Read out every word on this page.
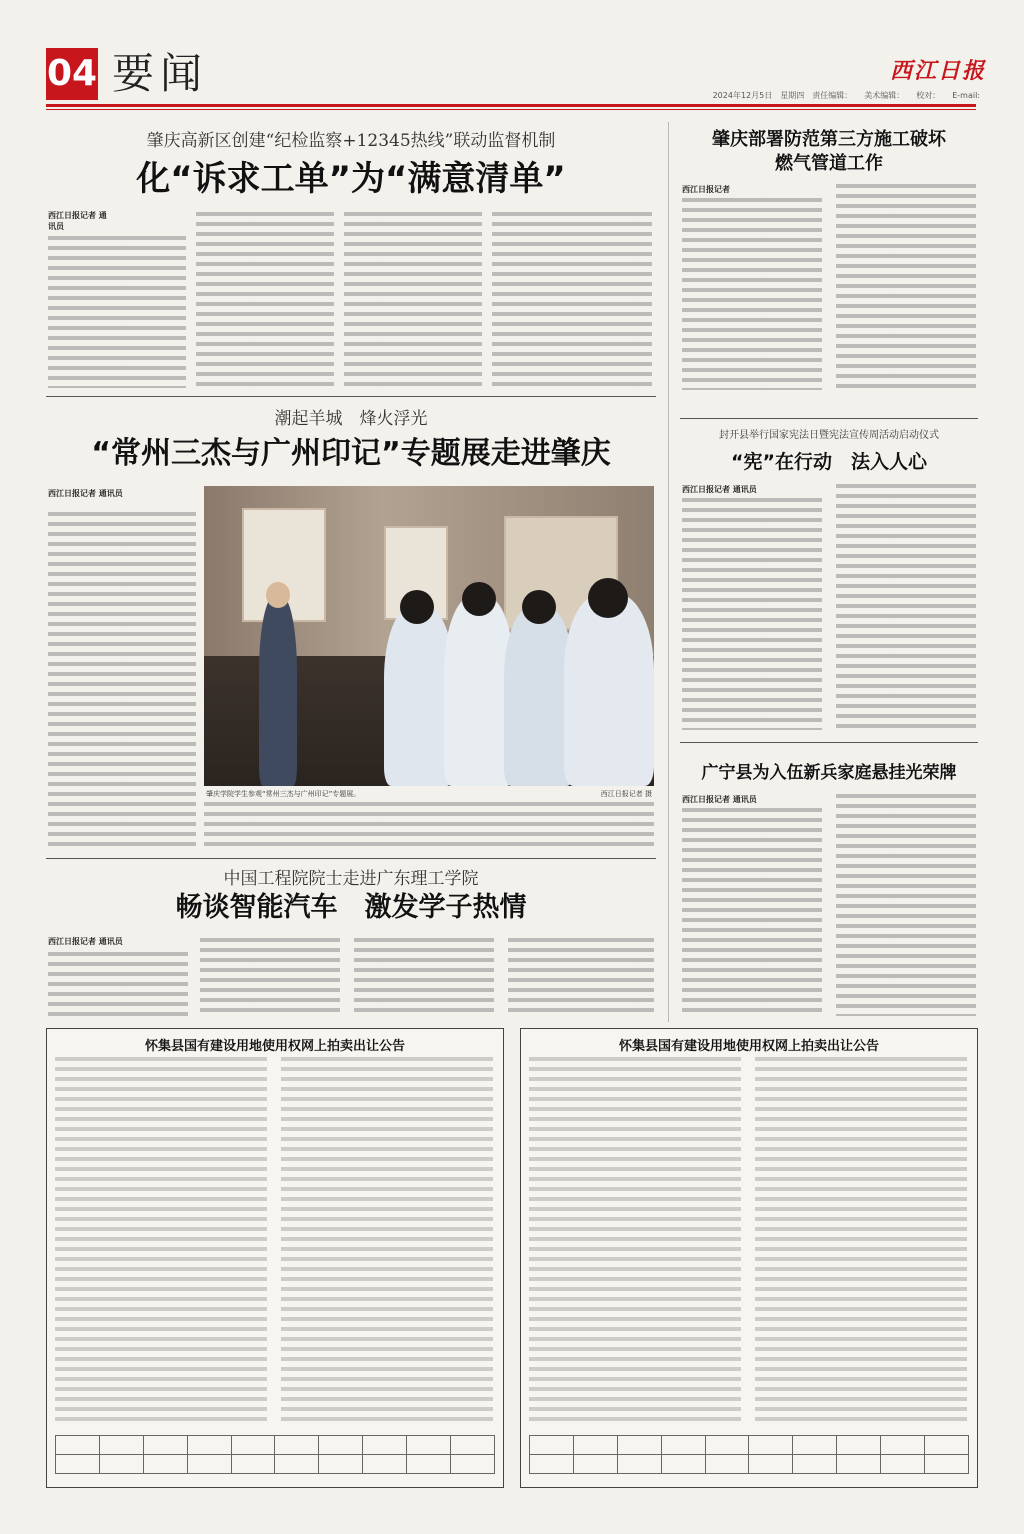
04 要闻	西江日报
2024年12月5日　星期四　责任编辑：　　美术编辑：　　校对：　　E-mail:
肇庆高新区创建“纪检监察+12345热线”联动监督机制
化“诉求工单”为“满意清单”
西江日报记者 通讯员
潮起羊城　烽火浮光
“常州三杰与广州印记”专题展走进肇庆
西江日报记者 通讯员
肇庆学院学生参观“常州三杰与广州印记”专题展。	西江日报记者 摄
中国工程院院士走进广东理工学院
畅谈智能汽车　激发学子热情
西江日报记者 通讯员
肇庆部署防范第三方施工破坏
燃气管道工作
西江日报记者
封开县举行国家宪法日暨宪法宣传周活动启动仪式
“宪”在行动　法入人心
西江日报记者 通讯员
广宁县为入伍新兵家庭悬挂光荣牌
西江日报记者 通讯员
怀集县国有建设用地使用权网上拍卖出让公告

										怀集县国有建设用地使用权网上拍卖出让公告
